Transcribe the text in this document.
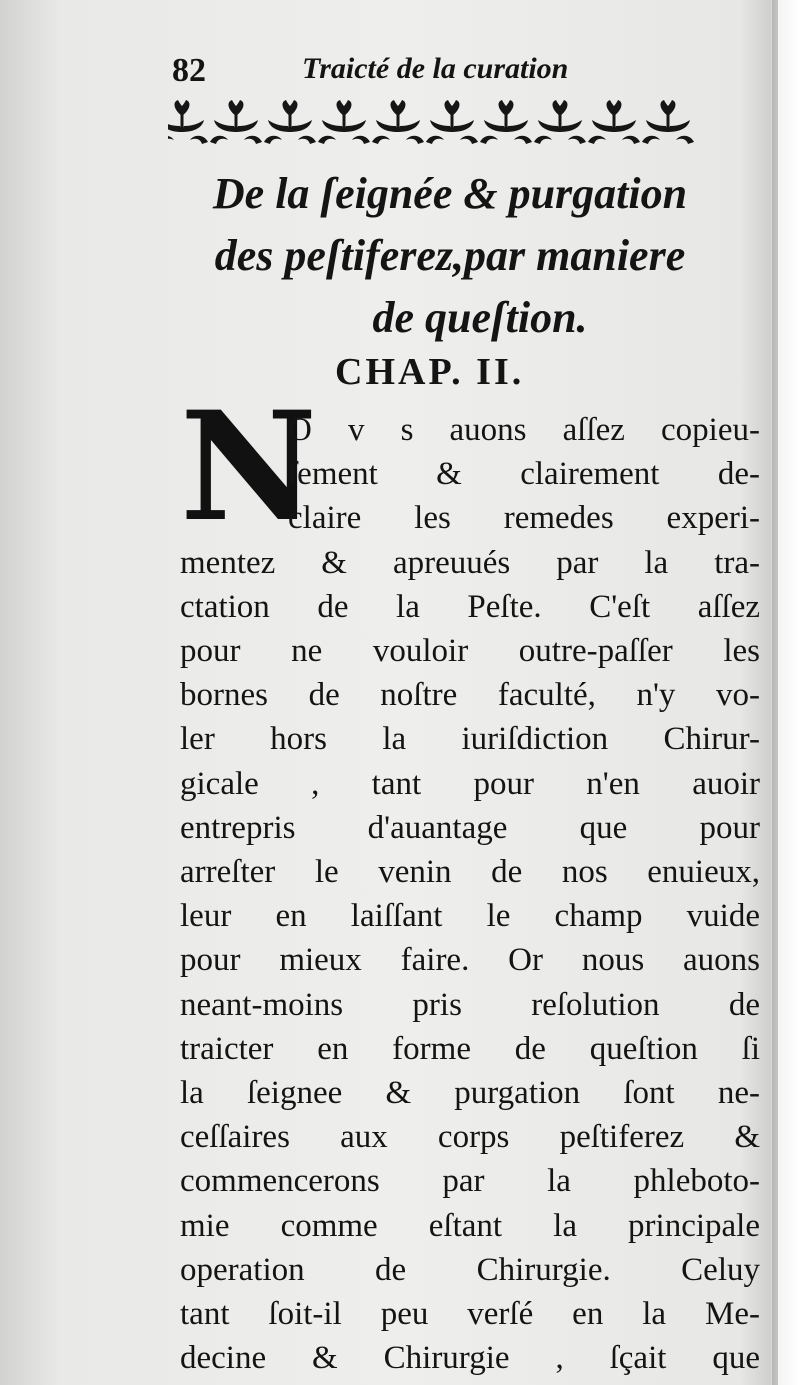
82	Traicté de la curation
De la ſeignée & purgation
des peſtiferez,par maniere
de queſtion.
CHAP. II.
N
O v s auons aſſez copieu-
ſement & clairement de-
claire les remedes experi-
mentez & apreuués par la tra-
ctation de la Peſte. C'eſt aſſez
pour ne vouloir outre-paſſer les
bornes de noſtre faculté, n'y vo-
ler hors la iuriſdiction Chirur-
gicale , tant pour n'en auoir
entrepris d'auantage que pour
arreſter le venin de nos enuieux,
leur en laiſſant le champ vuide
pour mieux faire. Or nous auons
neant-moins pris reſolution de
traicter en forme de queſtion ſi
la ſeignee & purgation ſont ne-
ceſſaires aux corps peſtiferez &
commencerons par la phleboto-
mie comme eſtant la principale
operation de Chirurgie. Celuy
tant ſoit-il peu verſé en la Me-
decine & Chirurgie , ſçait que
